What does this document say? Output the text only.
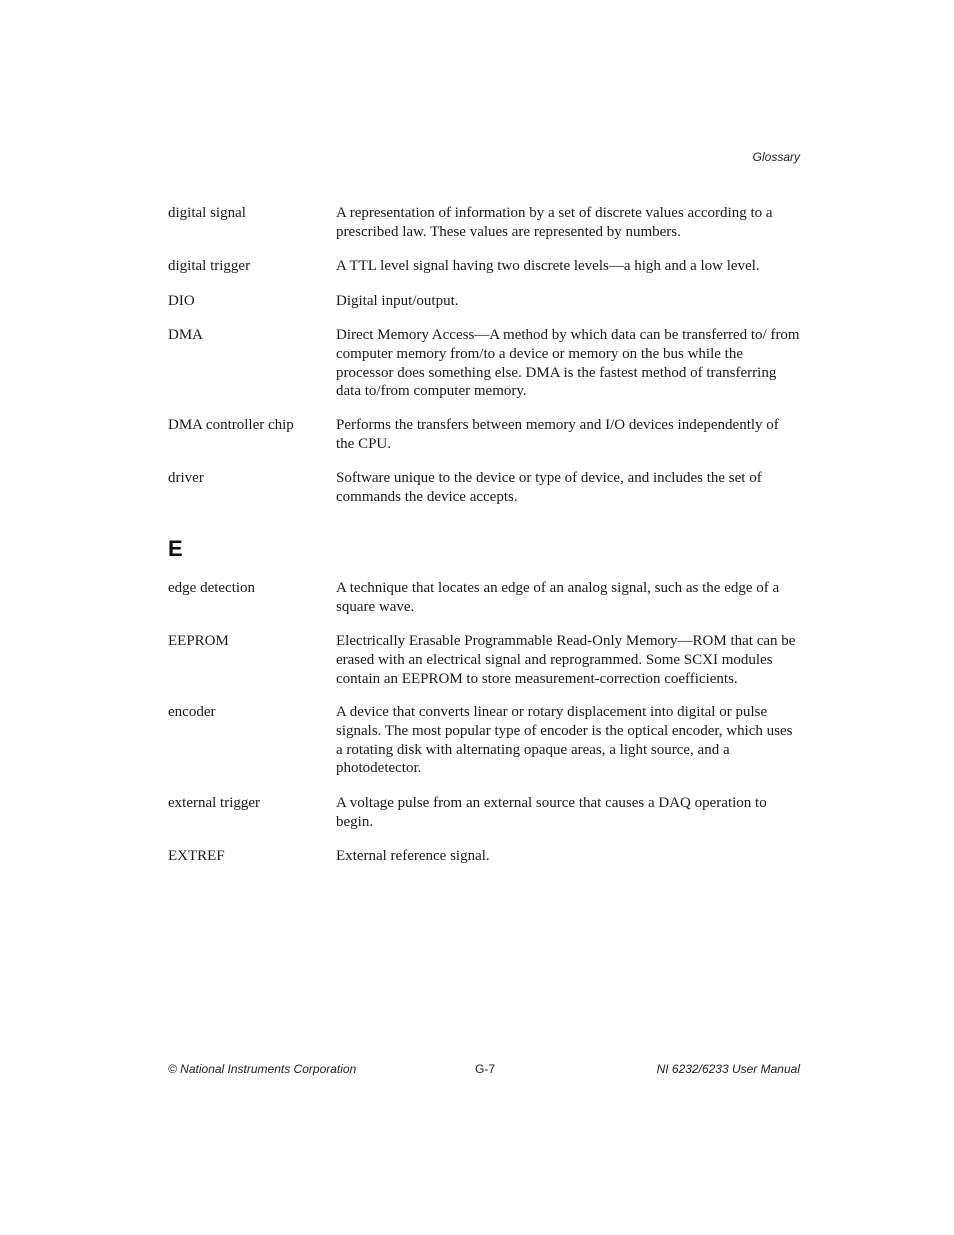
Glossary
digital signal	A representation of information by a set of discrete values according to a prescribed law. These values are represented by numbers.
digital trigger	A TTL level signal having two discrete levels—a high and a low level.
DIO	Digital input/output.
DMA	Direct Memory Access—A method by which data can be transferred to/ from computer memory from/to a device or memory on the bus while the processor does something else. DMA is the fastest method of transferring data to/from computer memory.
DMA controller chip	Performs the transfers between memory and I/O devices independently of the CPU.
driver	Software unique to the device or type of device, and includes the set of commands the device accepts.
edge detection	A technique that locates an edge of an analog signal, such as the edge of a square wave.
EEPROM	Electrically Erasable Programmable Read-Only Memory—ROM that can be erased with an electrical signal and reprogrammed. Some SCXI modules contain an EEPROM to store measurement-correction coefficients.
encoder	A device that converts linear or rotary displacement into digital or pulse signals. The most popular type of encoder is the optical encoder, which uses a rotating disk with alternating opaque areas, a light source, and a photodetector.
external trigger	A voltage pulse from an external source that causes a DAQ operation to begin.
EXTREF	External reference signal.
E
© National Instruments Corporation	G-7	NI 6232/6233 User Manual
